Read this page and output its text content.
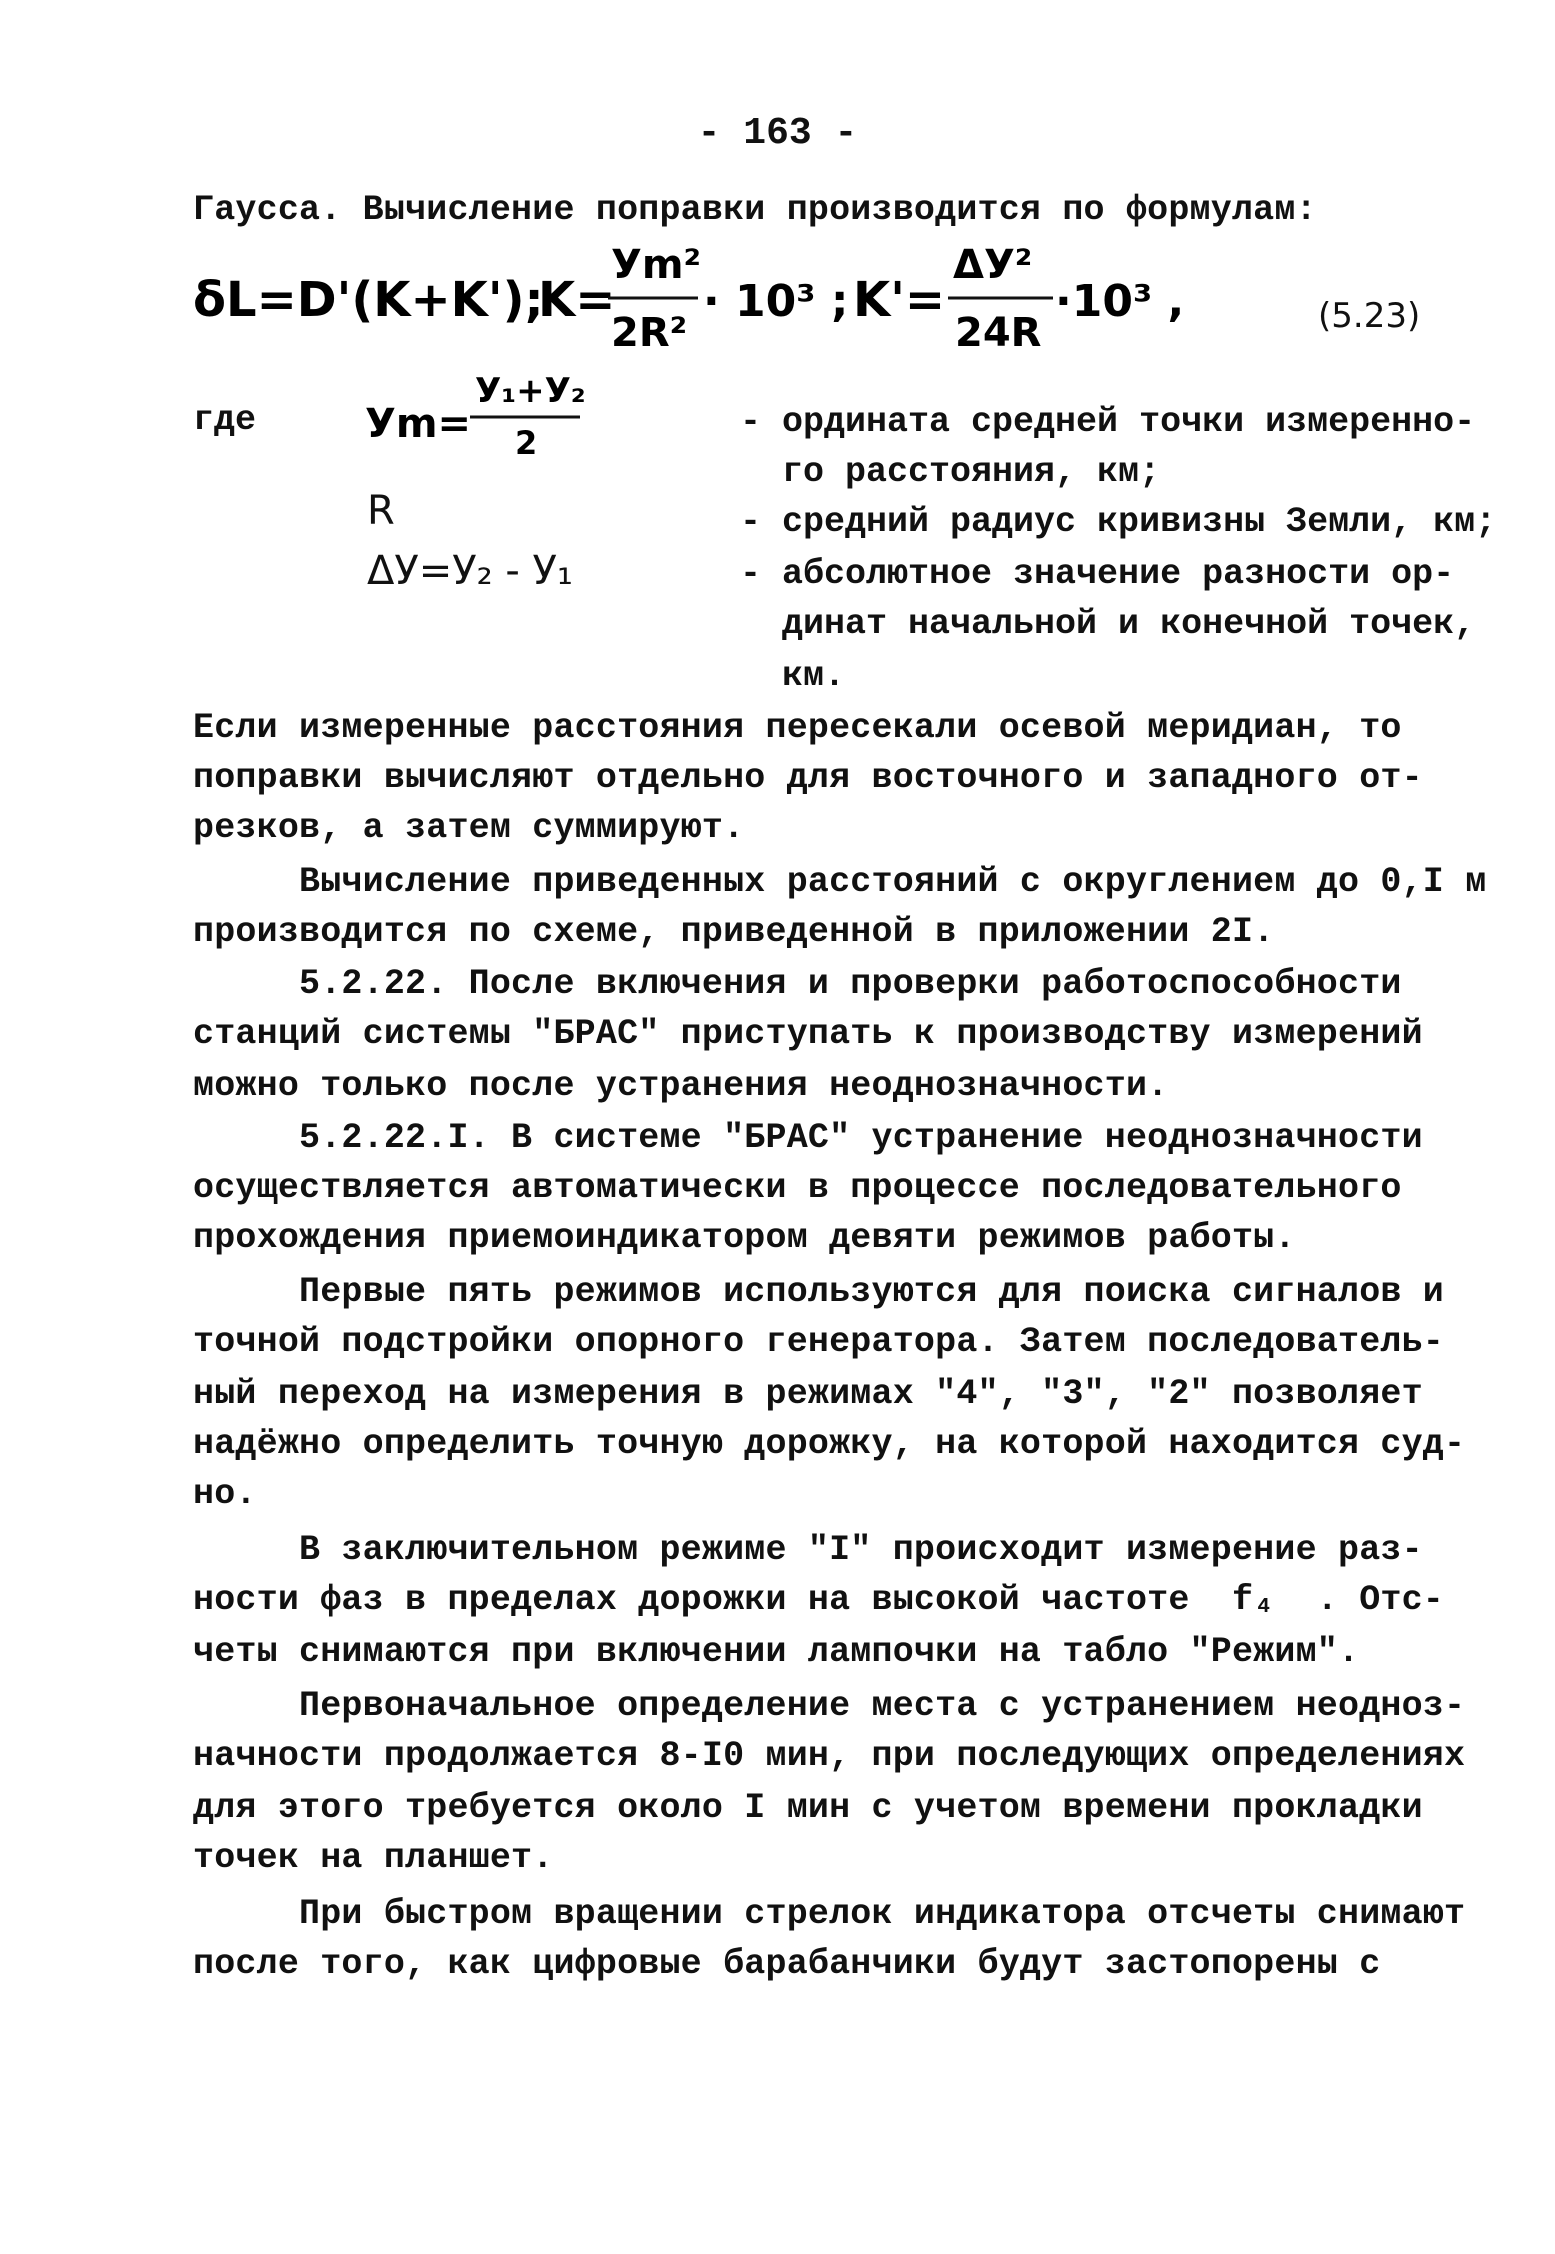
- 163 -
Гаусса. Вычисление поправки производится по формулам:
δL=D'(K+K');
K=
Уm²
2R²
· 10³ ; K'=
ΔУ²
24R
·10³ ,	(5.23)
где	Уm=
У₁+У₂
2
R
ΔУ=У₂ - У₁
- ордината средней точки измеренно-
го расстояния, км;
- средний радиус кривизны Земли, км;
- абсолютное значение разности ор-
динат начальной и конечной точек,
км.
Если измеренные расстояния пересекали осевой меридиан, то
поправки вычисляют отдельно для восточного и западного от-
резков, а затем суммируют.
Вычисление приведенных расстояний с округлением до 0,I м
производится по схеме, приведенной в приложении 2I.
5.2.22. После включения и проверки работоспособности
станций системы "БРАС" приступать к производству измерений
можно только после устранения неоднозначности.
5.2.22.I. В системе "БРАС" устранение неоднозначности
осуществляется автоматически в процессе последовательного
прохождения приемоиндикатором девяти режимов работы.
Первые пять режимов используются для поиска сигналов и
точной подстройки опорного генератора. Затем последователь-
ный переход на измерения в режимах "4", "3", "2" позволяет
надёжно определить точную дорожку, на которой находится суд-
но.
В заключительном режиме "I" происходит измерение раз-
ности фаз в пределах дорожки на высокой частоте  f₄  . Отс-
четы снимаются при включении лампочки на табло "Режим".
Первоначальное определение места с устранением неодноз-
начности продолжается 8-I0 мин, при последующих определениях
для этого требуется около I мин с учетом времени прокладки
точек на планшет.
При быстром вращении стрелок индикатора отсчеты снимают
после того, как цифровые барабанчики будут застопорены с
